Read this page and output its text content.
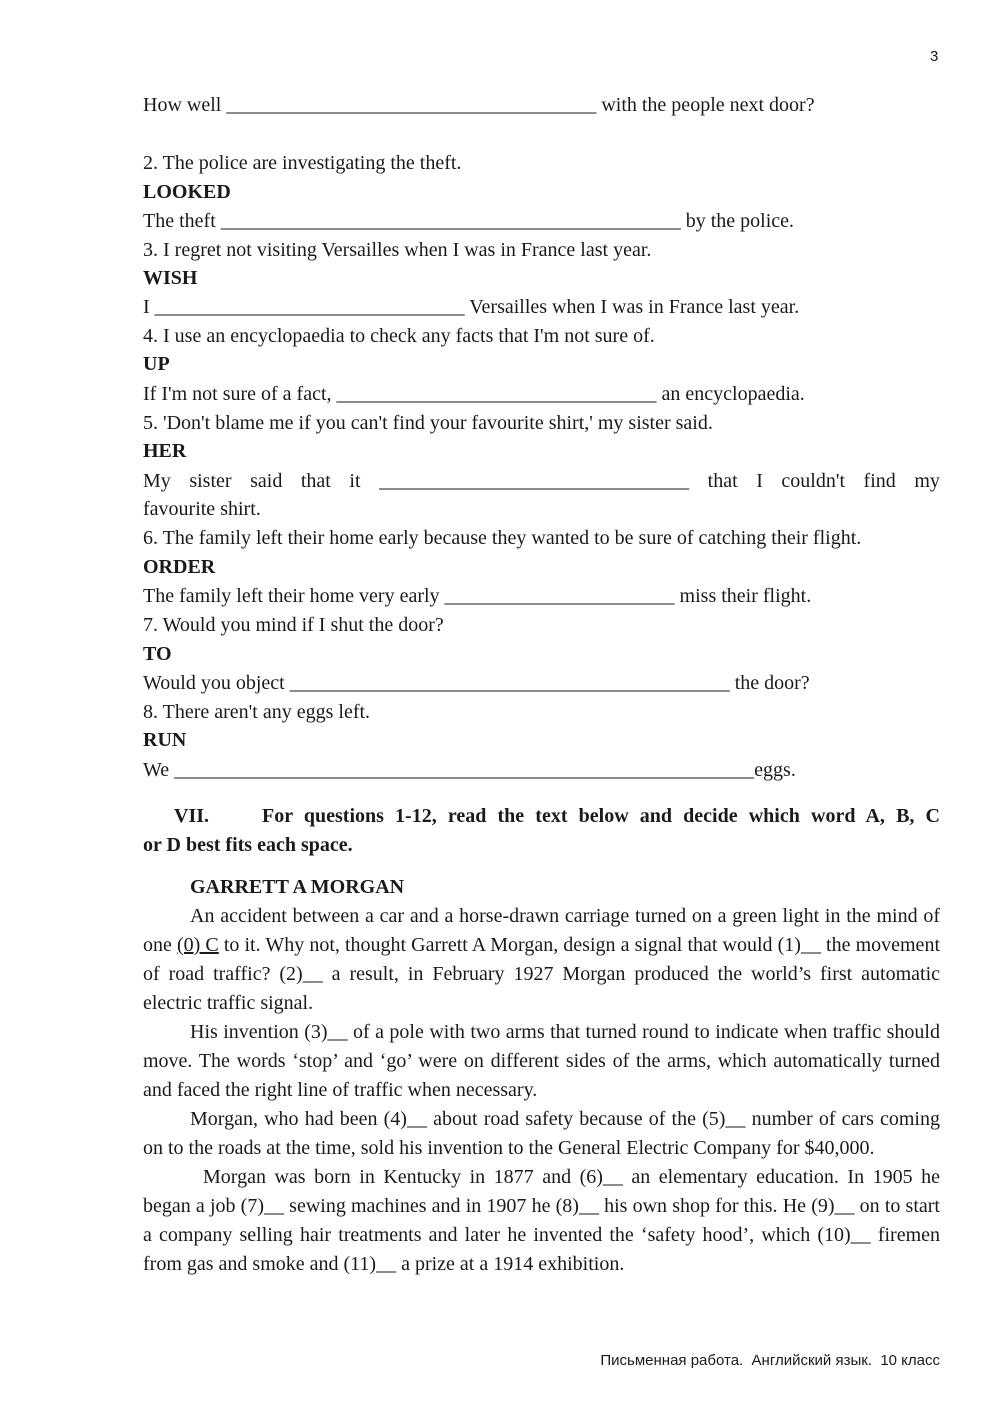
3
How well _____________________________________ with the people next door?
2. The police are investigating the theft.
LOOKED
The theft ______________________________________________ by the police.
3. I regret not visiting Versailles when I was in France last year.
WISH
I _______________________________ Versailles when I was in France last year.
4. I use an encyclopaedia to check any facts that I'm not sure of.
UP
If I'm not sure of a fact, ________________________________ an encyclopaedia.
5. 'Don't blame me if you can't find your favourite shirt,' my sister said.
HER
My sister said that it _______________________________ that I couldn't find my
favourite shirt.
6. The family left their home early because they wanted to be sure of catching their flight.
ORDER
The family left their home very early _______________________ miss their flight.
7. Would you mind if I shut the door?
TO
Would you object ____________________________________________ the door?
8. There aren't any eggs left.
RUN
We __________________________________________________________eggs.
VII.	For questions 1-12, read the text below and decide which word A, B, C
or D best fits each space.
GARRETT A MORGAN

An accident between a car and a horse-drawn carriage turned on a green light in the mind of one (0) C to it. Why not, thought Garrett A Morgan, design a signal that would (1)__ the movement of road traffic? (2)__ a result, in February 1927 Morgan produced the world’s first automatic electric traffic signal.

His invention (3)__ of a pole with two arms that turned round to indicate when traffic should move. The words ‘stop’ and ‘go’ were on different sides of the arms, which automatically turned and faced the right line of traffic when necessary.

Morgan, who had been (4)__ about road safety because of the (5)__ number of cars coming on to the roads at the time, sold his invention to the General Electric Company for $40,000.

Morgan was born in Kentucky in 1877 and (6)__ an elementary education. In 1905 he began a job (7)__ sewing machines and in 1907 he (8)__ his own shop for this. He (9)__ on to start a company selling hair treatments and later he invented the ‘safety hood’, which (10)__ firemen from gas and smoke and (11)__ a prize at a 1914 exhibition.

Письменная работа.  Английский язык.  10 класс
